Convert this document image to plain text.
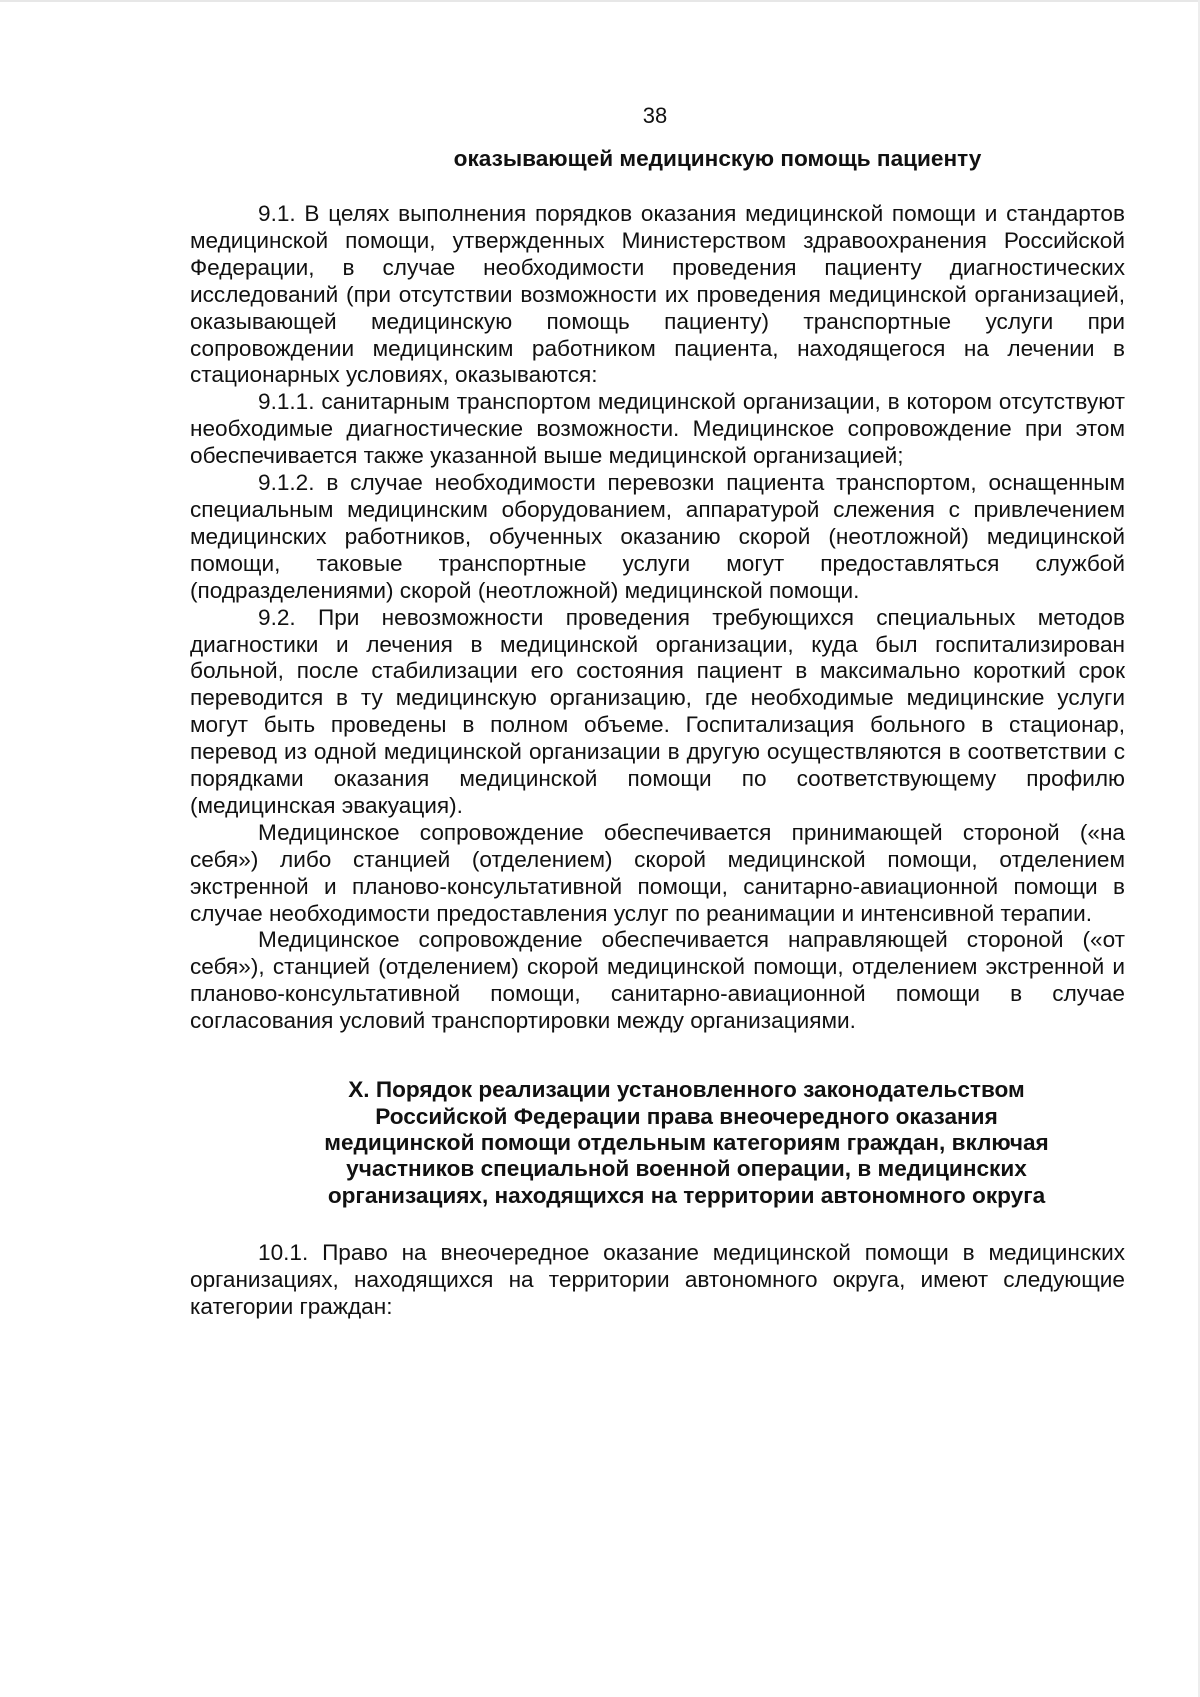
38
оказывающей медицинскую помощь пациенту

9.1. В целях выполнения порядков оказания медицинской помощи и стандартов медицинской помощи, утвержденных Министерством здравоохранения Российской Федерации, в случае необходимости проведения пациенту диагностических исследований (при отсутствии возможности их проведения медицинской организацией, оказывающей медицинскую помощь пациенту) транспортные услуги при сопровождении медицинским работником пациента, находящегося на лечении в стационарных условиях, оказываются:

9.1.1. санитарным транспортом медицинской организации, в котором отсутствуют необходимые диагностические возможности. Медицинское сопровождение при этом обеспечивается также указанной выше медицинской организацией;

9.1.2. в случае необходимости перевозки пациента транспортом, оснащенным специальным медицинским оборудованием, аппаратурой слежения с привлечением медицинских работников, обученных оказанию скорой (неотложной) медицинской помощи, таковые транспортные услуги могут предоставляться службой (подразделениями) скорой (неотложной) медицинской помощи.

9.2. При невозможности проведения требующихся специальных методов диагностики и лечения в медицинской организации, куда был госпитализирован больной, после стабилизации его состояния пациент в максимально короткий срок переводится в ту медицинскую организацию, где необходимые медицинские услуги могут быть проведены в полном объеме. Госпитализация больного в стационар, перевод из одной медицинской организации в другую осуществляются в соответствии с порядками оказания медицинской помощи по соответствующему профилю (медицинская эвакуация).

Медицинское сопровождение обеспечивается принимающей стороной («на себя») либо станцией (отделением) скорой медицинской помощи, отделением экстренной и планово-консультативной помощи, санитарно-авиационной помощи в случае необходимости предоставления услуг по реанимации и интенсивной терапии.

Медицинское сопровождение обеспечивается направляющей стороной («от себя»), станцией (отделением) скорой медицинской помощи, отделением экстренной и планово-консультативной помощи, санитарно-авиационной помощи в случае согласования условий транспортировки между организациями.

X. Порядок реализации установленного законодательством
Российской Федерации права внеочередного оказания
медицинской помощи отдельным категориям граждан, включая
участников специальной военной операции, в медицинских
организациях, находящихся на территории автономного округа

10.1. Право на внеочередное оказание медицинской помощи в медицинских организациях, находящихся на территории автономного округа, имеют следующие категории граждан:
